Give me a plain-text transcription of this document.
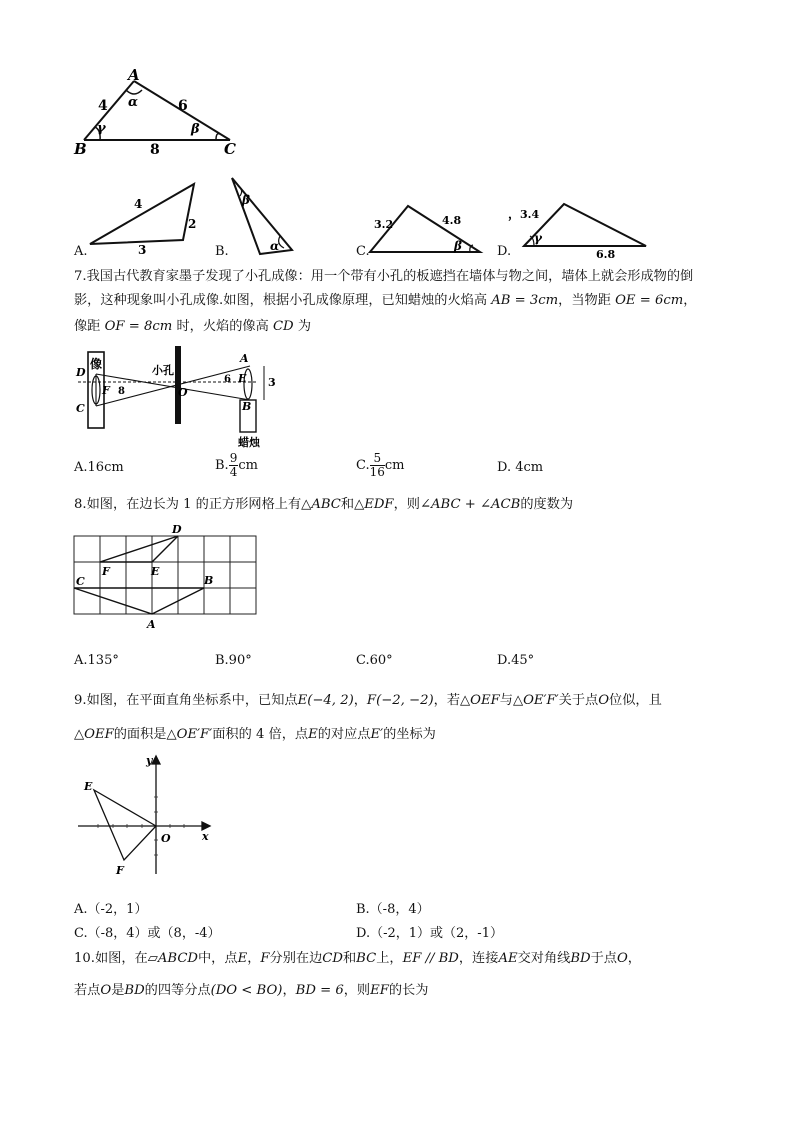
A
B	C
4	6
8
α
γ	β
A.
4
2
3	B.
β
α	C.
3.2	4.8
β	D.
， 3.4
6.8
γ
7.我国古代教育家墨子发现了小孔成像：用一个带有小孔的板遮挡在墙体与物之间，墙体上就会形成物的倒
影，这种现象叫小孔成像.如图，根据小孔成像原理，已知蜡烛的火焰高 AB = 3cm，当物距 OE = 6cm，
像距 OF = 8cm 时，火焰的像高 CD 为
像	小孔
蜡烛
D
C
F 8	O
6 E
A
B
3
A.16cm	B. $\frac{9}{4}$ cm	C. $\frac{5}{16}$ cm	D. 4cm
8.如图，在边长为 1 的正方形网格上有△ABC和△EDF，则∠ABC + ∠ACB的度数为
D
F	E
C	B
A
A.135°	B.90°	C.60°	D.45°
9.如图，在平面直角坐标系中，已知点E(−4, 2)，F(−2, −2)，若△OEF与△OE′F′关于点O位似，且
△OEF的面积是△OE′F′面积的 4 倍，点E的对应点E′的坐标为
y
x
O
E
F
A.（-2，1）	B.（-8，4）
C.（-8，4）或（8，-4）	D.（-2，1）或（2，-1）
10.如图，在▱ABCD中，点E，F分别在边CD和BC上，EF // BD，连接AE交对角线BD于点O，
若点O是BD的四等分点(DO < BO)，BD = 6，则EF的长为
